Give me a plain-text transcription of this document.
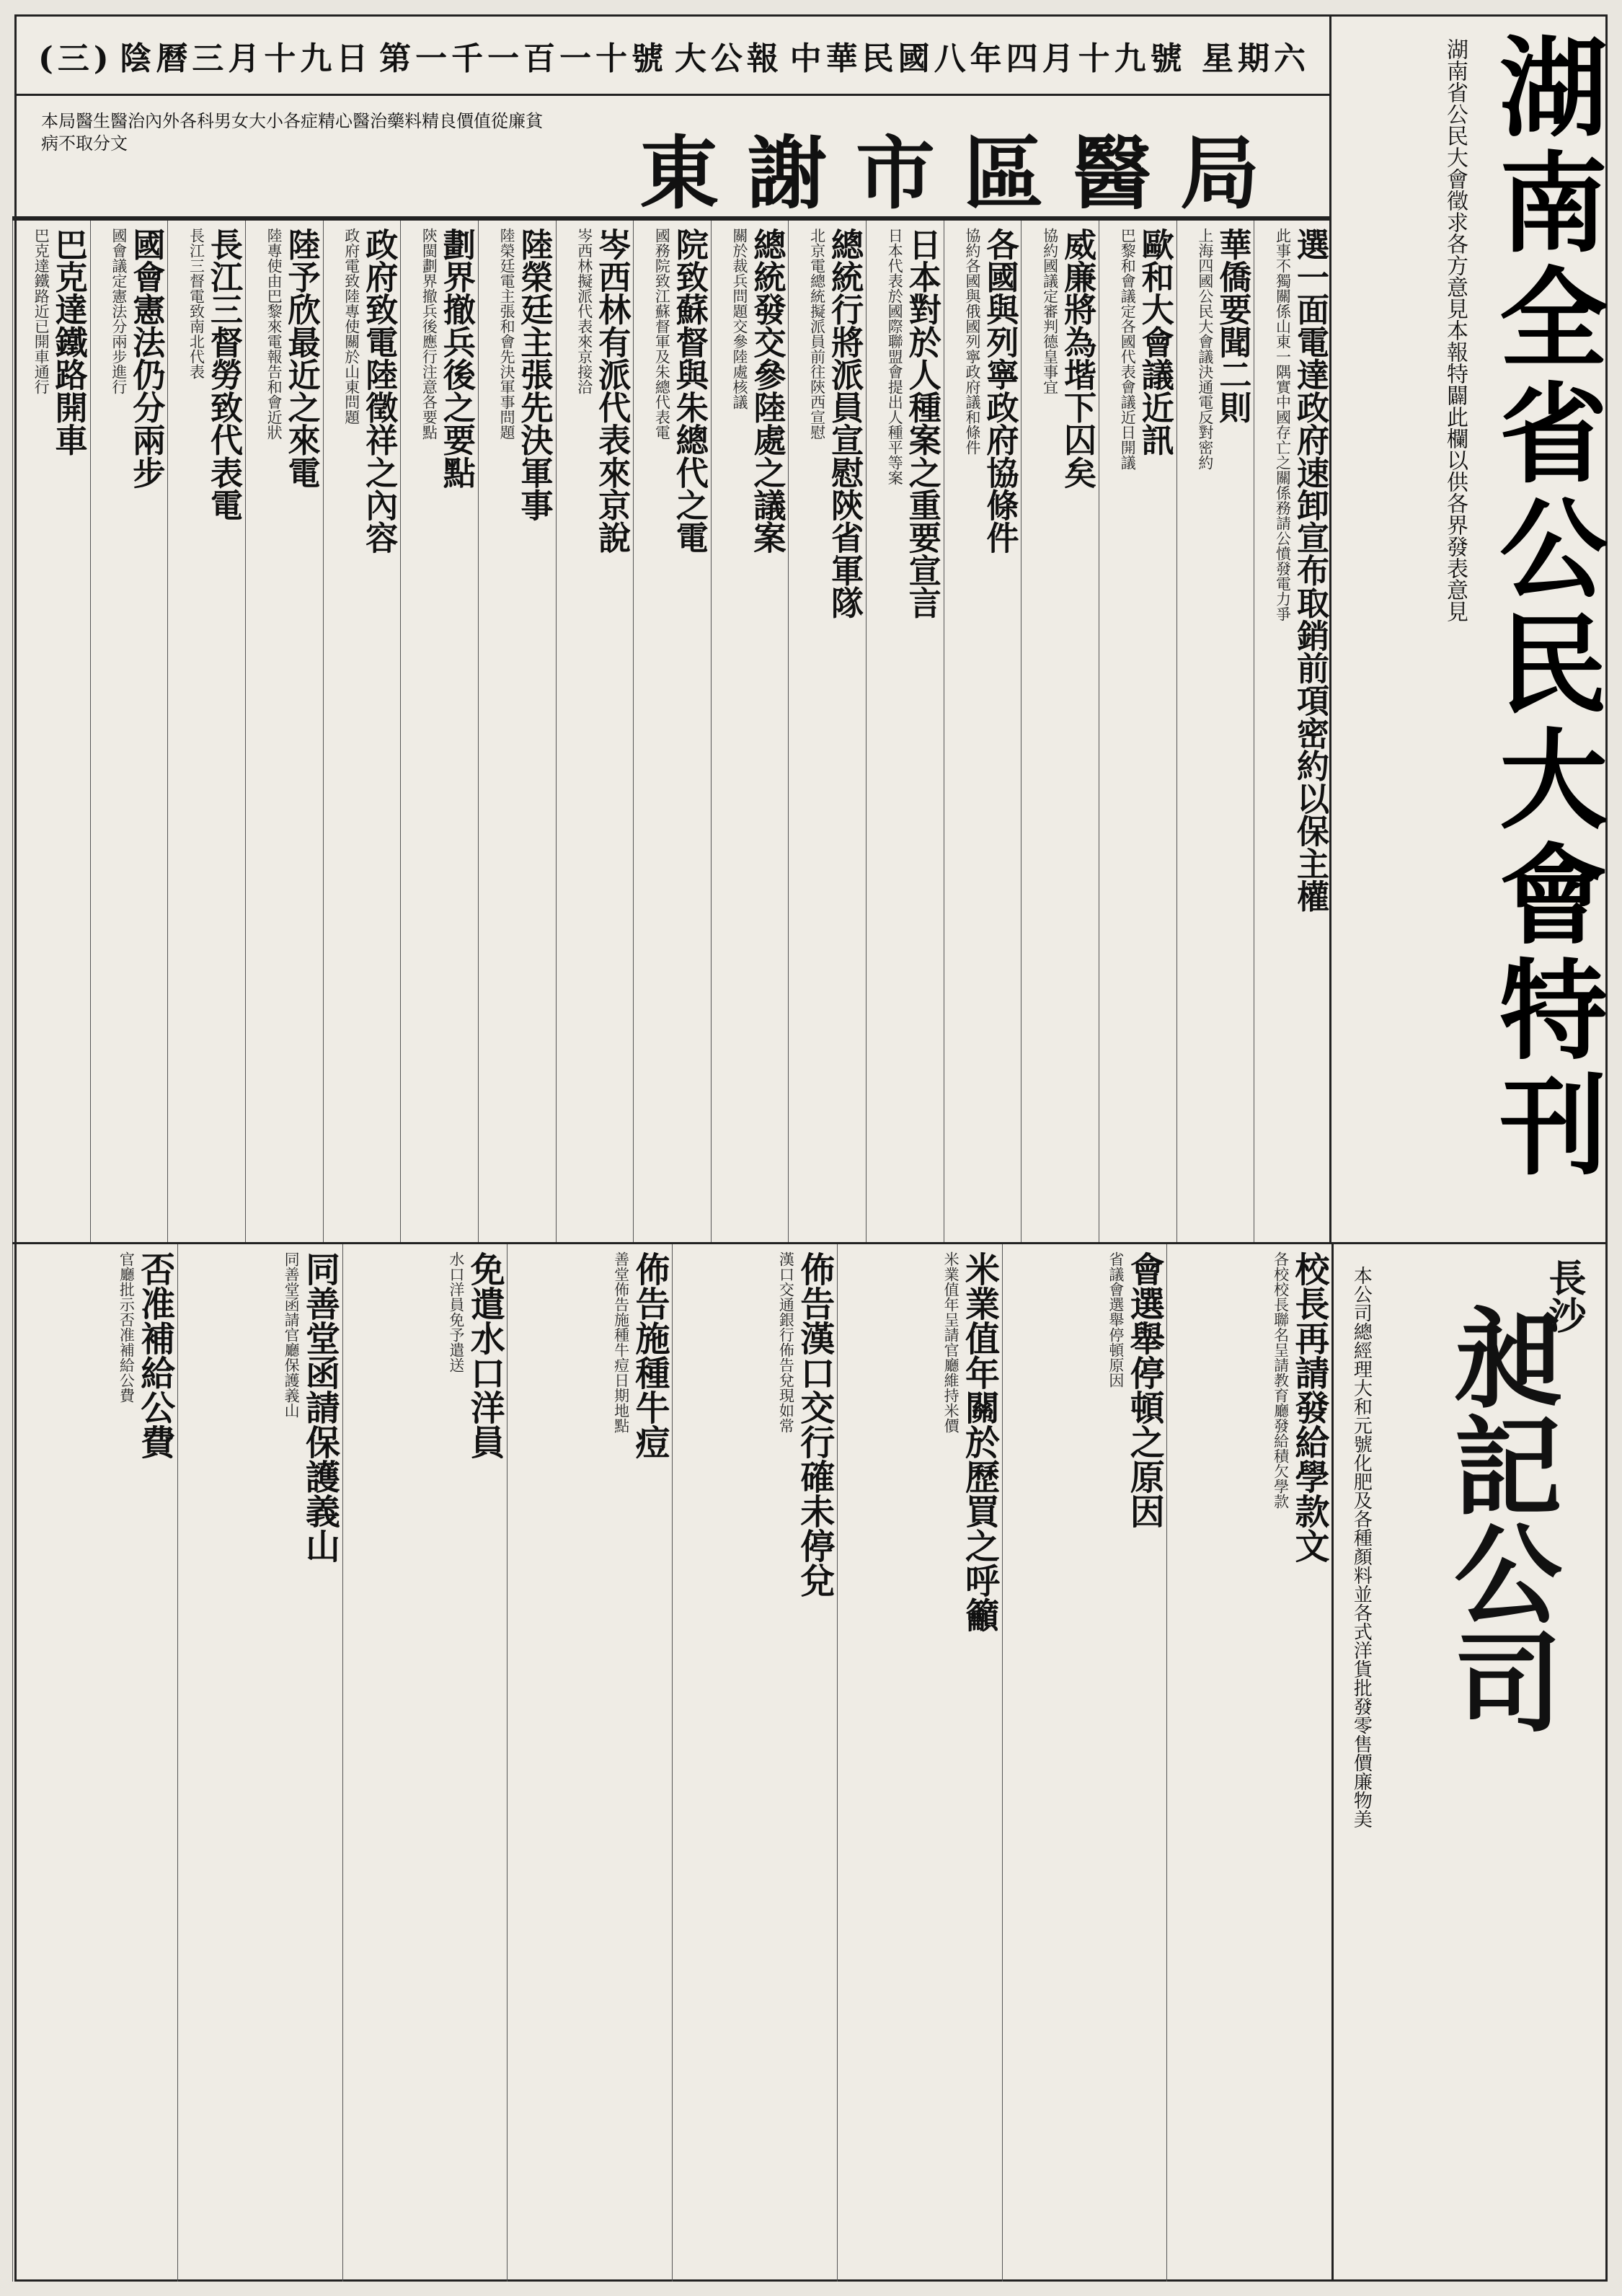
(三) 陰曆三月十九日 第一千一百一十號 大公報 中華民國八年四月十九號 星期六 湖南全省公民大會特刊
湖南省公民大會徵求各方意見本報特闢此欄以供各界發表意見
東謝市區醫局
本局醫生醫治內外各科男女大小各症精心醫治藥料精良價值從廉貧病不取分文
選一面電達政府速卸宣布取銷前項密約以保主權
此事不獨關係山東一隅實中國存亡之關係務請公憤發電力爭
華僑要聞二則
上海四國公民大會議決通電反對密約
歐和大會議近訊
巴黎和會議定各國代表會議近日開議
威廉將為堦下囚矣
協約國議定審判德皇事宜
各國與列寧政府協條件
協約各國與俄國列寧政府議和條件
日本對於人種案之重要宣言
日本代表於國際聯盟會提出人種平等案
總統行將派員宣慰陝省軍隊
北京電總統擬派員前往陝西宣慰
總統發交參陸處之議案
關於裁兵問題交參陸處核議
院致蘇督與朱總代之電
國務院致江蘇督軍及朱總代表電
岑西林有派代表來京說
岑西林擬派代表來京接洽
陸榮廷主張先決軍事
陸榮廷電主張和會先決軍事問題
劃界撤兵後之要點
陝閩劃界撤兵後應行注意各要點
政府致電陸徵祥之內容
政府電致陸專使關於山東問題
陸予欣最近之來電
陸專使由巴黎來電報告和會近狀
長江三督勞致代表電
長江三督電致南北代表
國會憲法仍分兩步
國會議定憲法分兩步進行
巴克達鐵路開車
巴克達鐵路近已開車通行
校長再請發給學款文
各校校長聯名呈請教育廳發給積欠學款
會選舉停頓之原因
省議會選舉停頓原因
米業值年關於歷買之呼籲
米業值年呈請官廳維持米價
佈告漢口交行確未停兌
漢口交通銀行佈告兌現如常
佈告施種牛痘
善堂佈告施種牛痘日期地點
免遣水口洋員
水口洋員免予遣送
同善堂函請保護義山
同善堂函請官廳保護義山
否准補給公費
官廳批示否准補給公費	長沙
昶記公司
本公司總經理大和元號化肥及各種顏料並各式洋貨批發零售價廉物美
